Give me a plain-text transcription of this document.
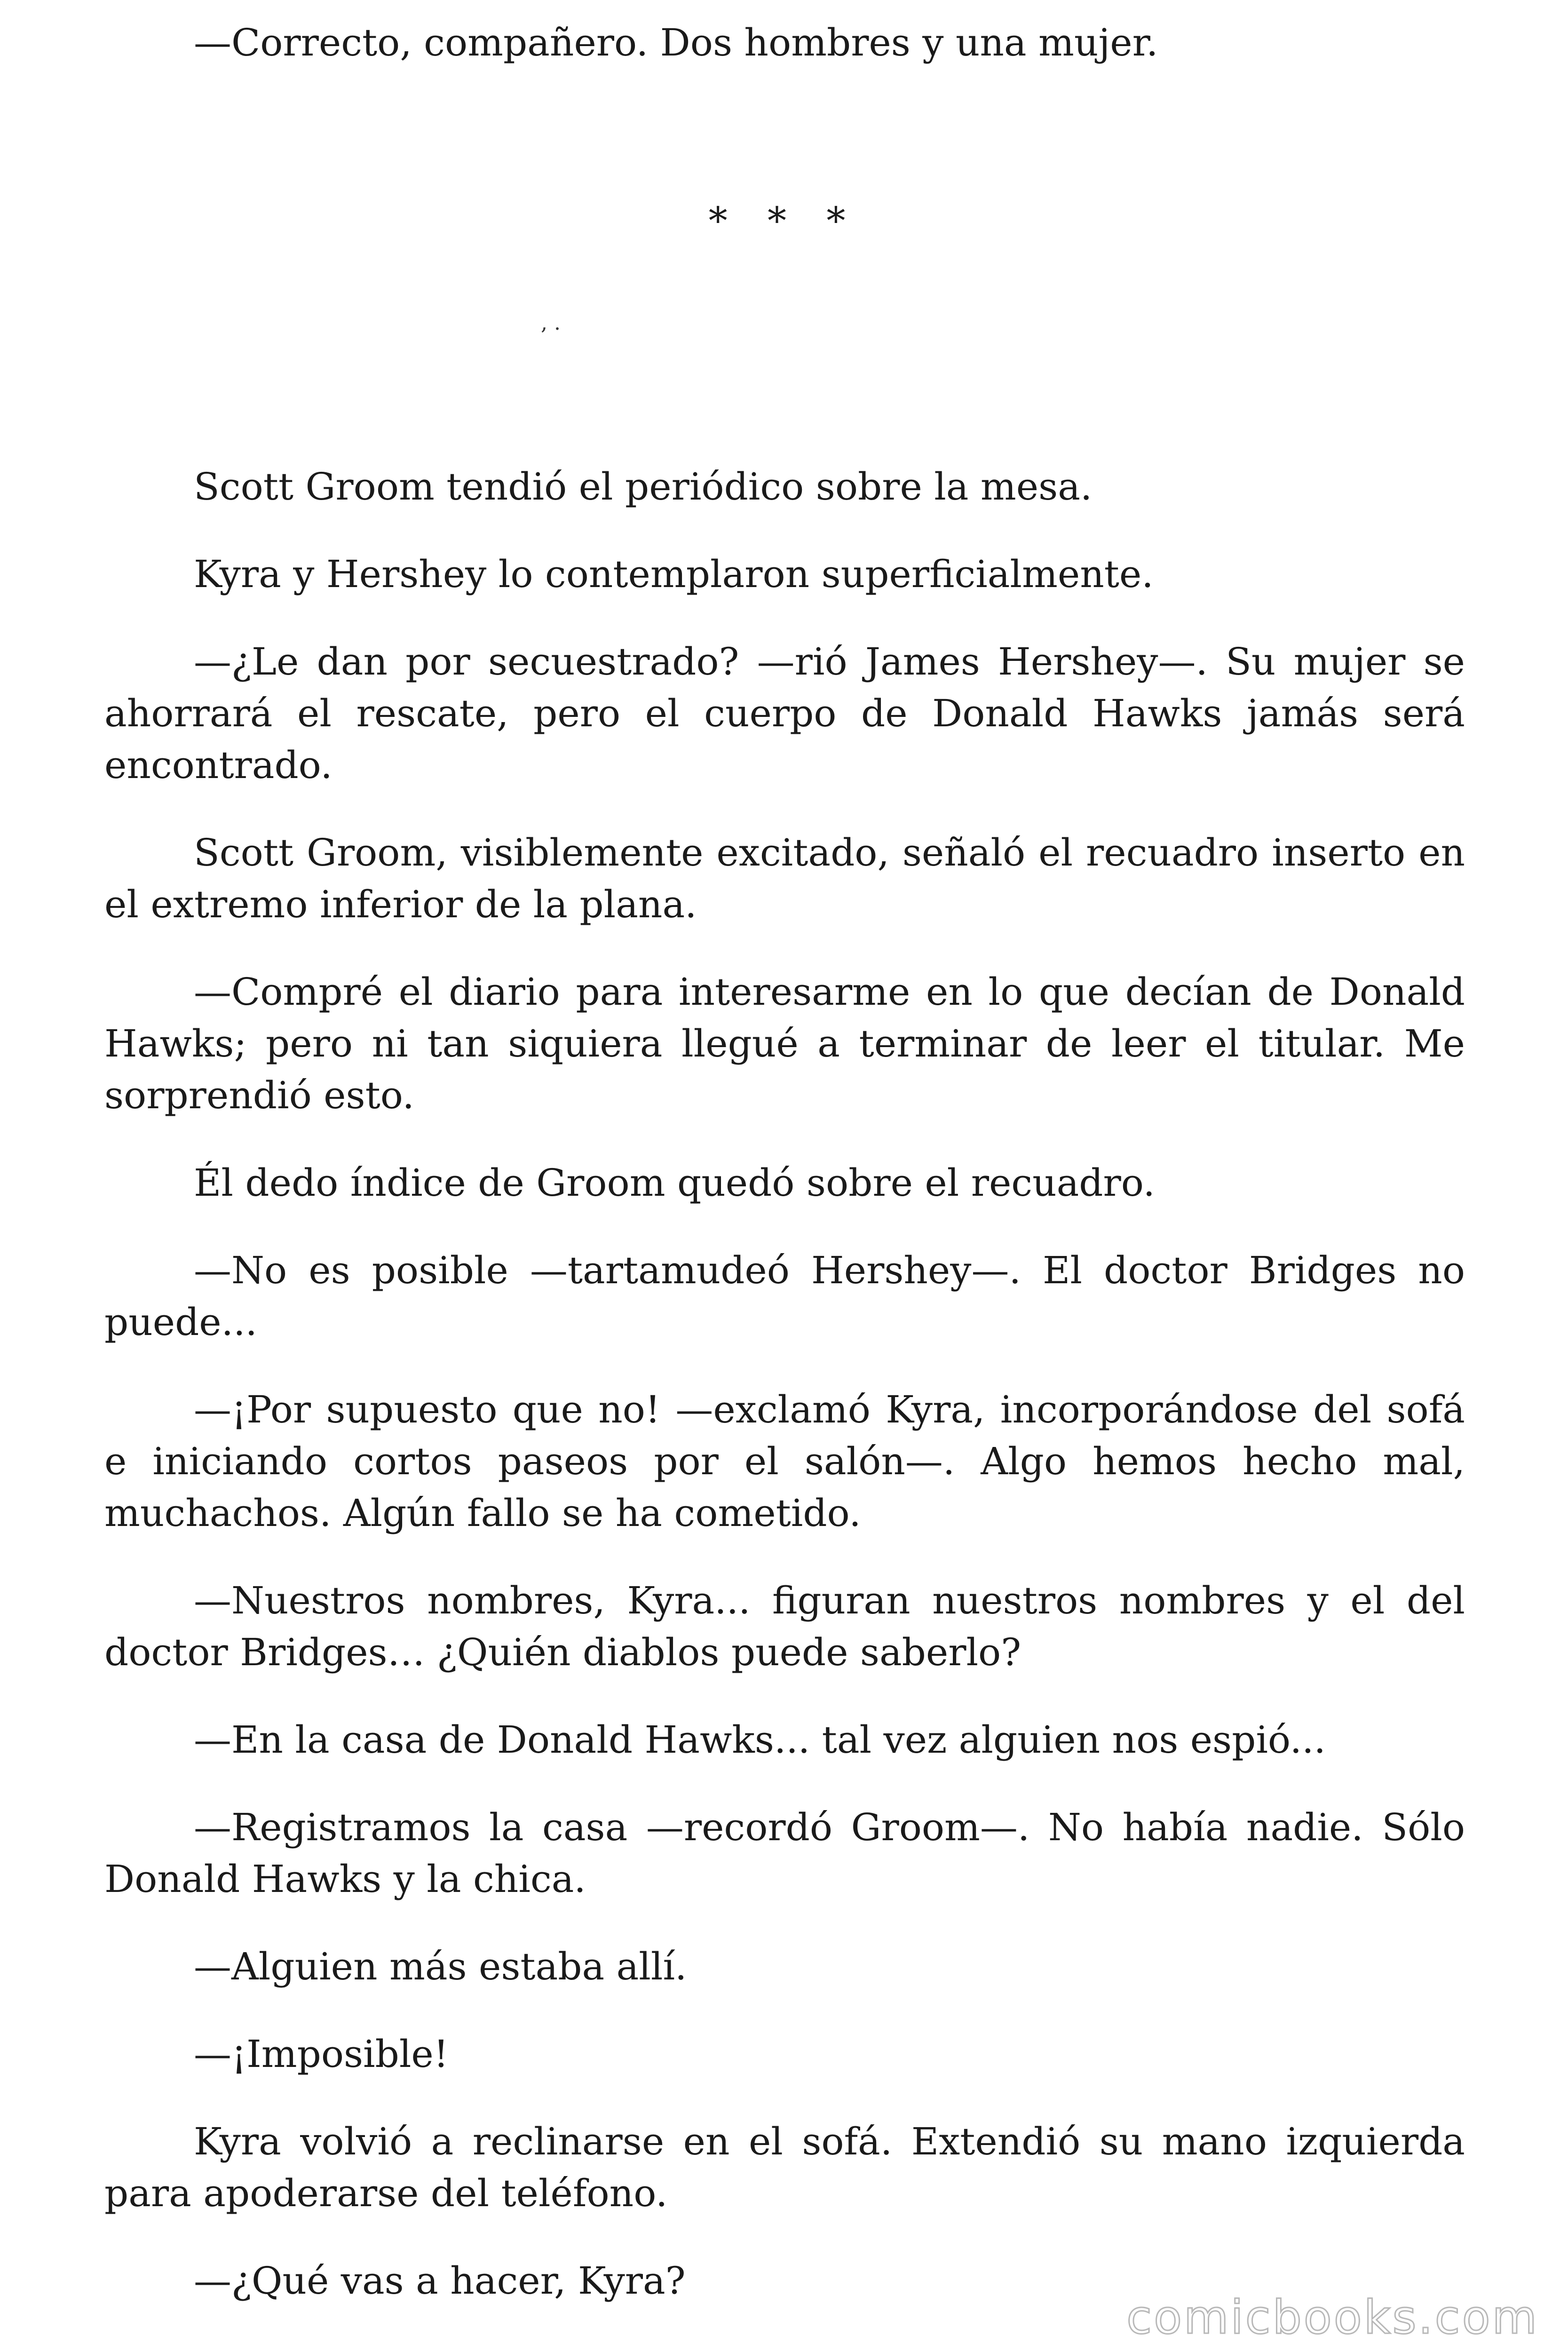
—Correcto, compañero. Dos hombres y una mujer.
* * *
, .

Scott Groom tendió el periódico sobre la mesa.

Kyra y Hershey lo contemplaron superficialmente.

—¿Le dan por secuestrado? —rió James Hershey—. Su mujer se ahorrará el rescate, pero el cuerpo de Donald Hawks jamás será encontrado.

Scott Groom, visiblemente excitado, señaló el recuadro inserto en el extremo inferior de la plana.

—Compré el diario para interesarme en lo que decían de Donald Hawks; pero ni tan siquiera llegué a terminar de leer el titular. Me sorprendió esto.

Él dedo índice de Groom quedó sobre el recuadro.

—No es posible —tartamudeó Hershey—. El doctor Bridges no puede...

—¡Por supuesto que no! —exclamó Kyra, incorporándose del sofá e iniciando cortos paseos por el salón—. Algo hemos hecho mal, muchachos. Algún fallo se ha cometido.

—Nuestros nombres, Kyra... figuran nuestros nombres y el del doctor Bridges… ¿Quién diablos puede saberlo?

—En la casa de Donald Hawks... tal vez alguien nos espió...

—Registramos la casa —recordó Groom—. No había nadie. Sólo Donald Hawks y la chica.

—Alguien más estaba allí.

—¡Imposible!

Kyra volvió a reclinarse en el sofá. Extendió su mano izquierda para apoderarse del teléfono.

—¿Qué vas a hacer, Kyra?

comicbooks.com
